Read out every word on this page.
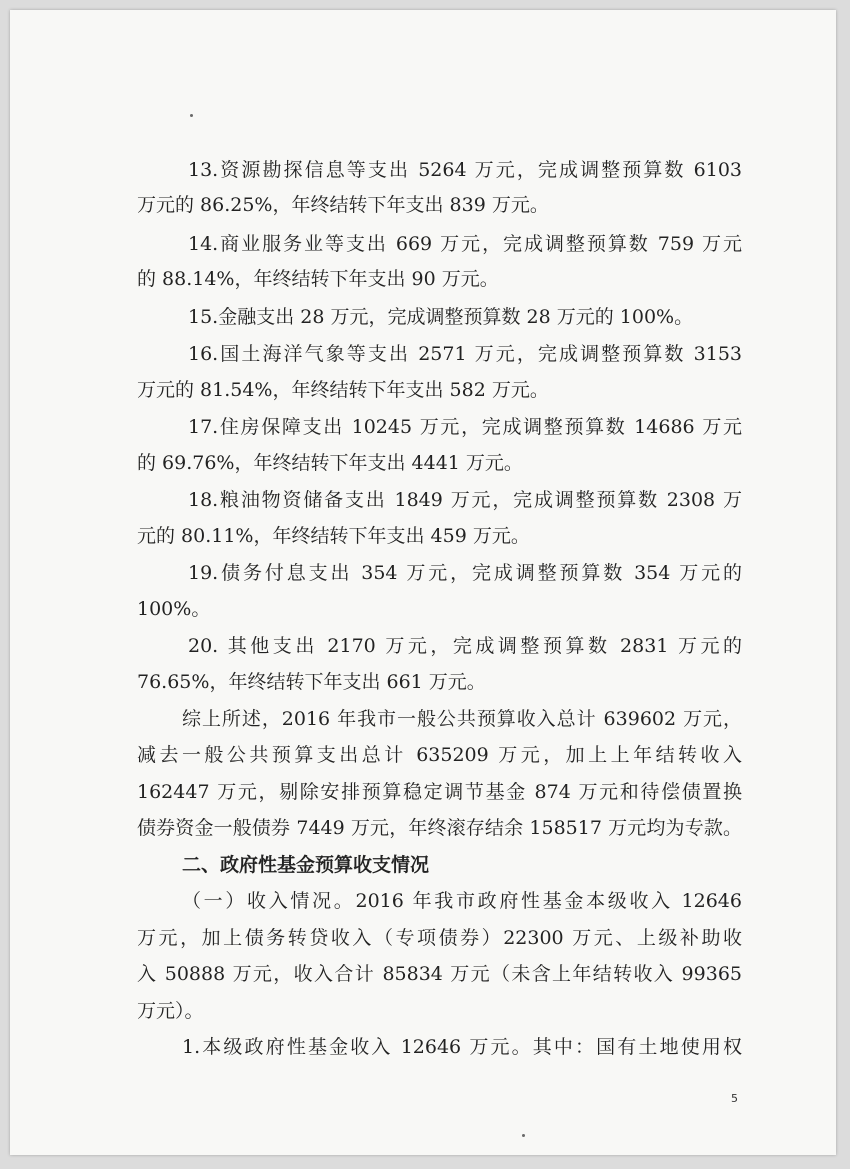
13.资源勘探信息等支出 5264 万元，完成调整预算数 6103

万元的 86.25%，年终结转下年支出 839 万元。

14.商业服务业等支出 669 万元，完成调整预算数 759 万元

的 88.14%，年终结转下年支出 90 万元。

15.金融支出 28 万元，完成调整预算数 28 万元的 100%。

16.国土海洋气象等支出 2571 万元，完成调整预算数 3153

万元的 81.54%，年终结转下年支出 582 万元。

17.住房保障支出 10245 万元，完成调整预算数 14686 万元

的 69.76%，年终结转下年支出 4441 万元。

18.粮油物资储备支出 1849 万元，完成调整预算数 2308 万

元的 80.11%，年终结转下年支出 459 万元。

19.债务付息支出 354 万元，完成调整预算数 354 万元的

100%。

20. 其他支出 2170 万元，完成调整预算数 2831 万元的

76.65%，年终结转下年支出 661 万元。

综上所述，2016 年我市一般公共预算收入总计 639602 万元，

减去一般公共预算支出总计 635209 万元，加上上年结转收入

162447 万元，剔除安排预算稳定调节基金 874 万元和待偿债置换

债券资金一般债券 7449 万元，年终滚存结余 158517 万元均为专款。

二、政府性基金预算收支情况

（一）收入情况。2016 年我市政府性基金本级收入 12646

万元，加上债务转贷收入（专项债券）22300 万元、上级补助收

入 50888 万元，收入合计 85834 万元（未含上年结转收入 99365

万元）。

1.本级政府性基金收入 12646 万元。其中：国有土地使用权

5
